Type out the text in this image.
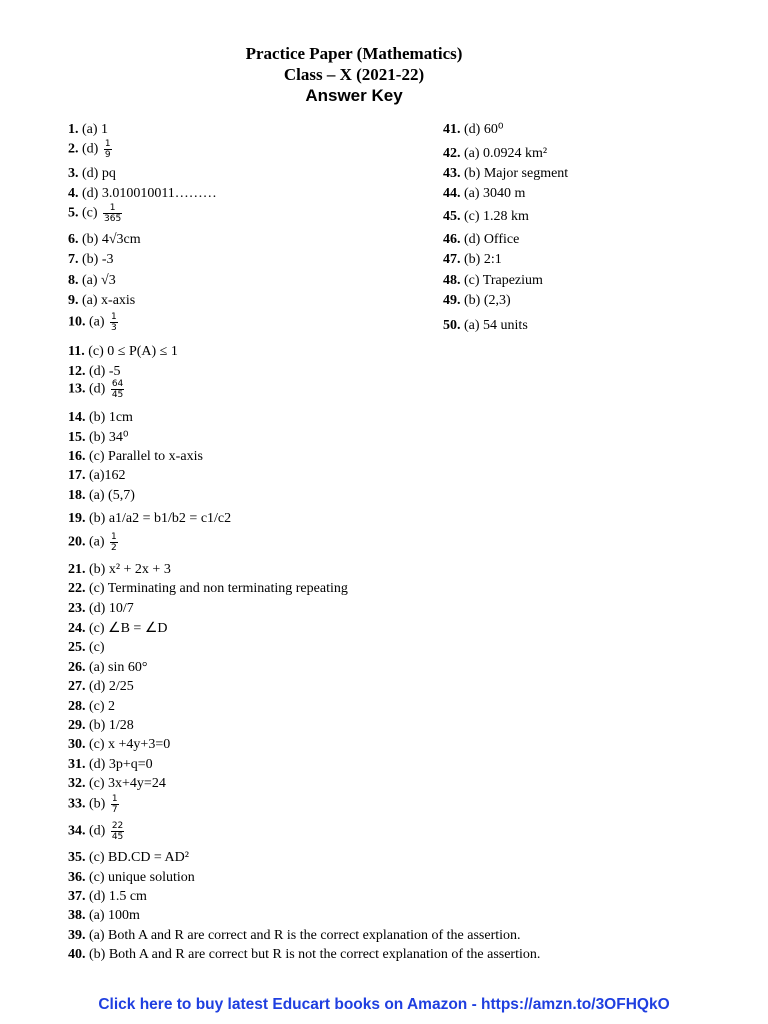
Practice Paper (Mathematics)
Class – X (2021-22)
Answer Key
1. (a) 1
2. $(d) \frac{1}{9}$
3. (d) pq
4. (d) 3.010010011………
5. $(c) \frac{1}{365}$
6. (b) 4√3cm
7. (b) -3
8. (a) √3
9. (a) x-axis
10. $(a) \frac{1}{3}$
11. (c) 0 ≤ P(A) ≤ 1
12. (d) -5
13. $(d) \frac{64}{45}$
14. (b) 1cm
15. (b) 34⁰
16. (c) Parallel to x-axis
17. (a)162
18. (a) (5,7)
19. (b) a1/a2 = b1/b2 = c1/c2
20. $(a) \frac{1}{2}$
21. (b) x² + 2x + 3
22. (c) Terminating and non terminating repeating
23. (d) 10/7
24. (c) ∠B = ∠D
25. (c)
26. (a) sin 60°
27. (d) 2/25
28. (c) 2
29. (b) 1/28
30. (c) x +4y+3=0
31. (d) 3p+q=0
32. (c) 3x+4y=24
33. $(b) \frac{1}{7}$
34. $(d) \frac{22}{45}$
35. (c) BD.CD = AD²
36. (c) unique solution
37. (d) 1.5 cm
38. (a) 100m
39. (a) Both A and R are correct and R is the correct explanation of the assertion.
40. (b) Both A and R are correct but R is not the correct explanation of the assertion.
41. (d) 60⁰
42. (a) 0.0924 km²
43. (b) Major segment
44. (a) 3040 m
45. (c) 1.28 km
46. (d) Office
47. (b) 2:1
48. (c) Trapezium
49. (b) (2,3)
50. (a) 54 units
Click here to buy latest Educart books on Amazon - https://amzn.to/3OFHQkO
